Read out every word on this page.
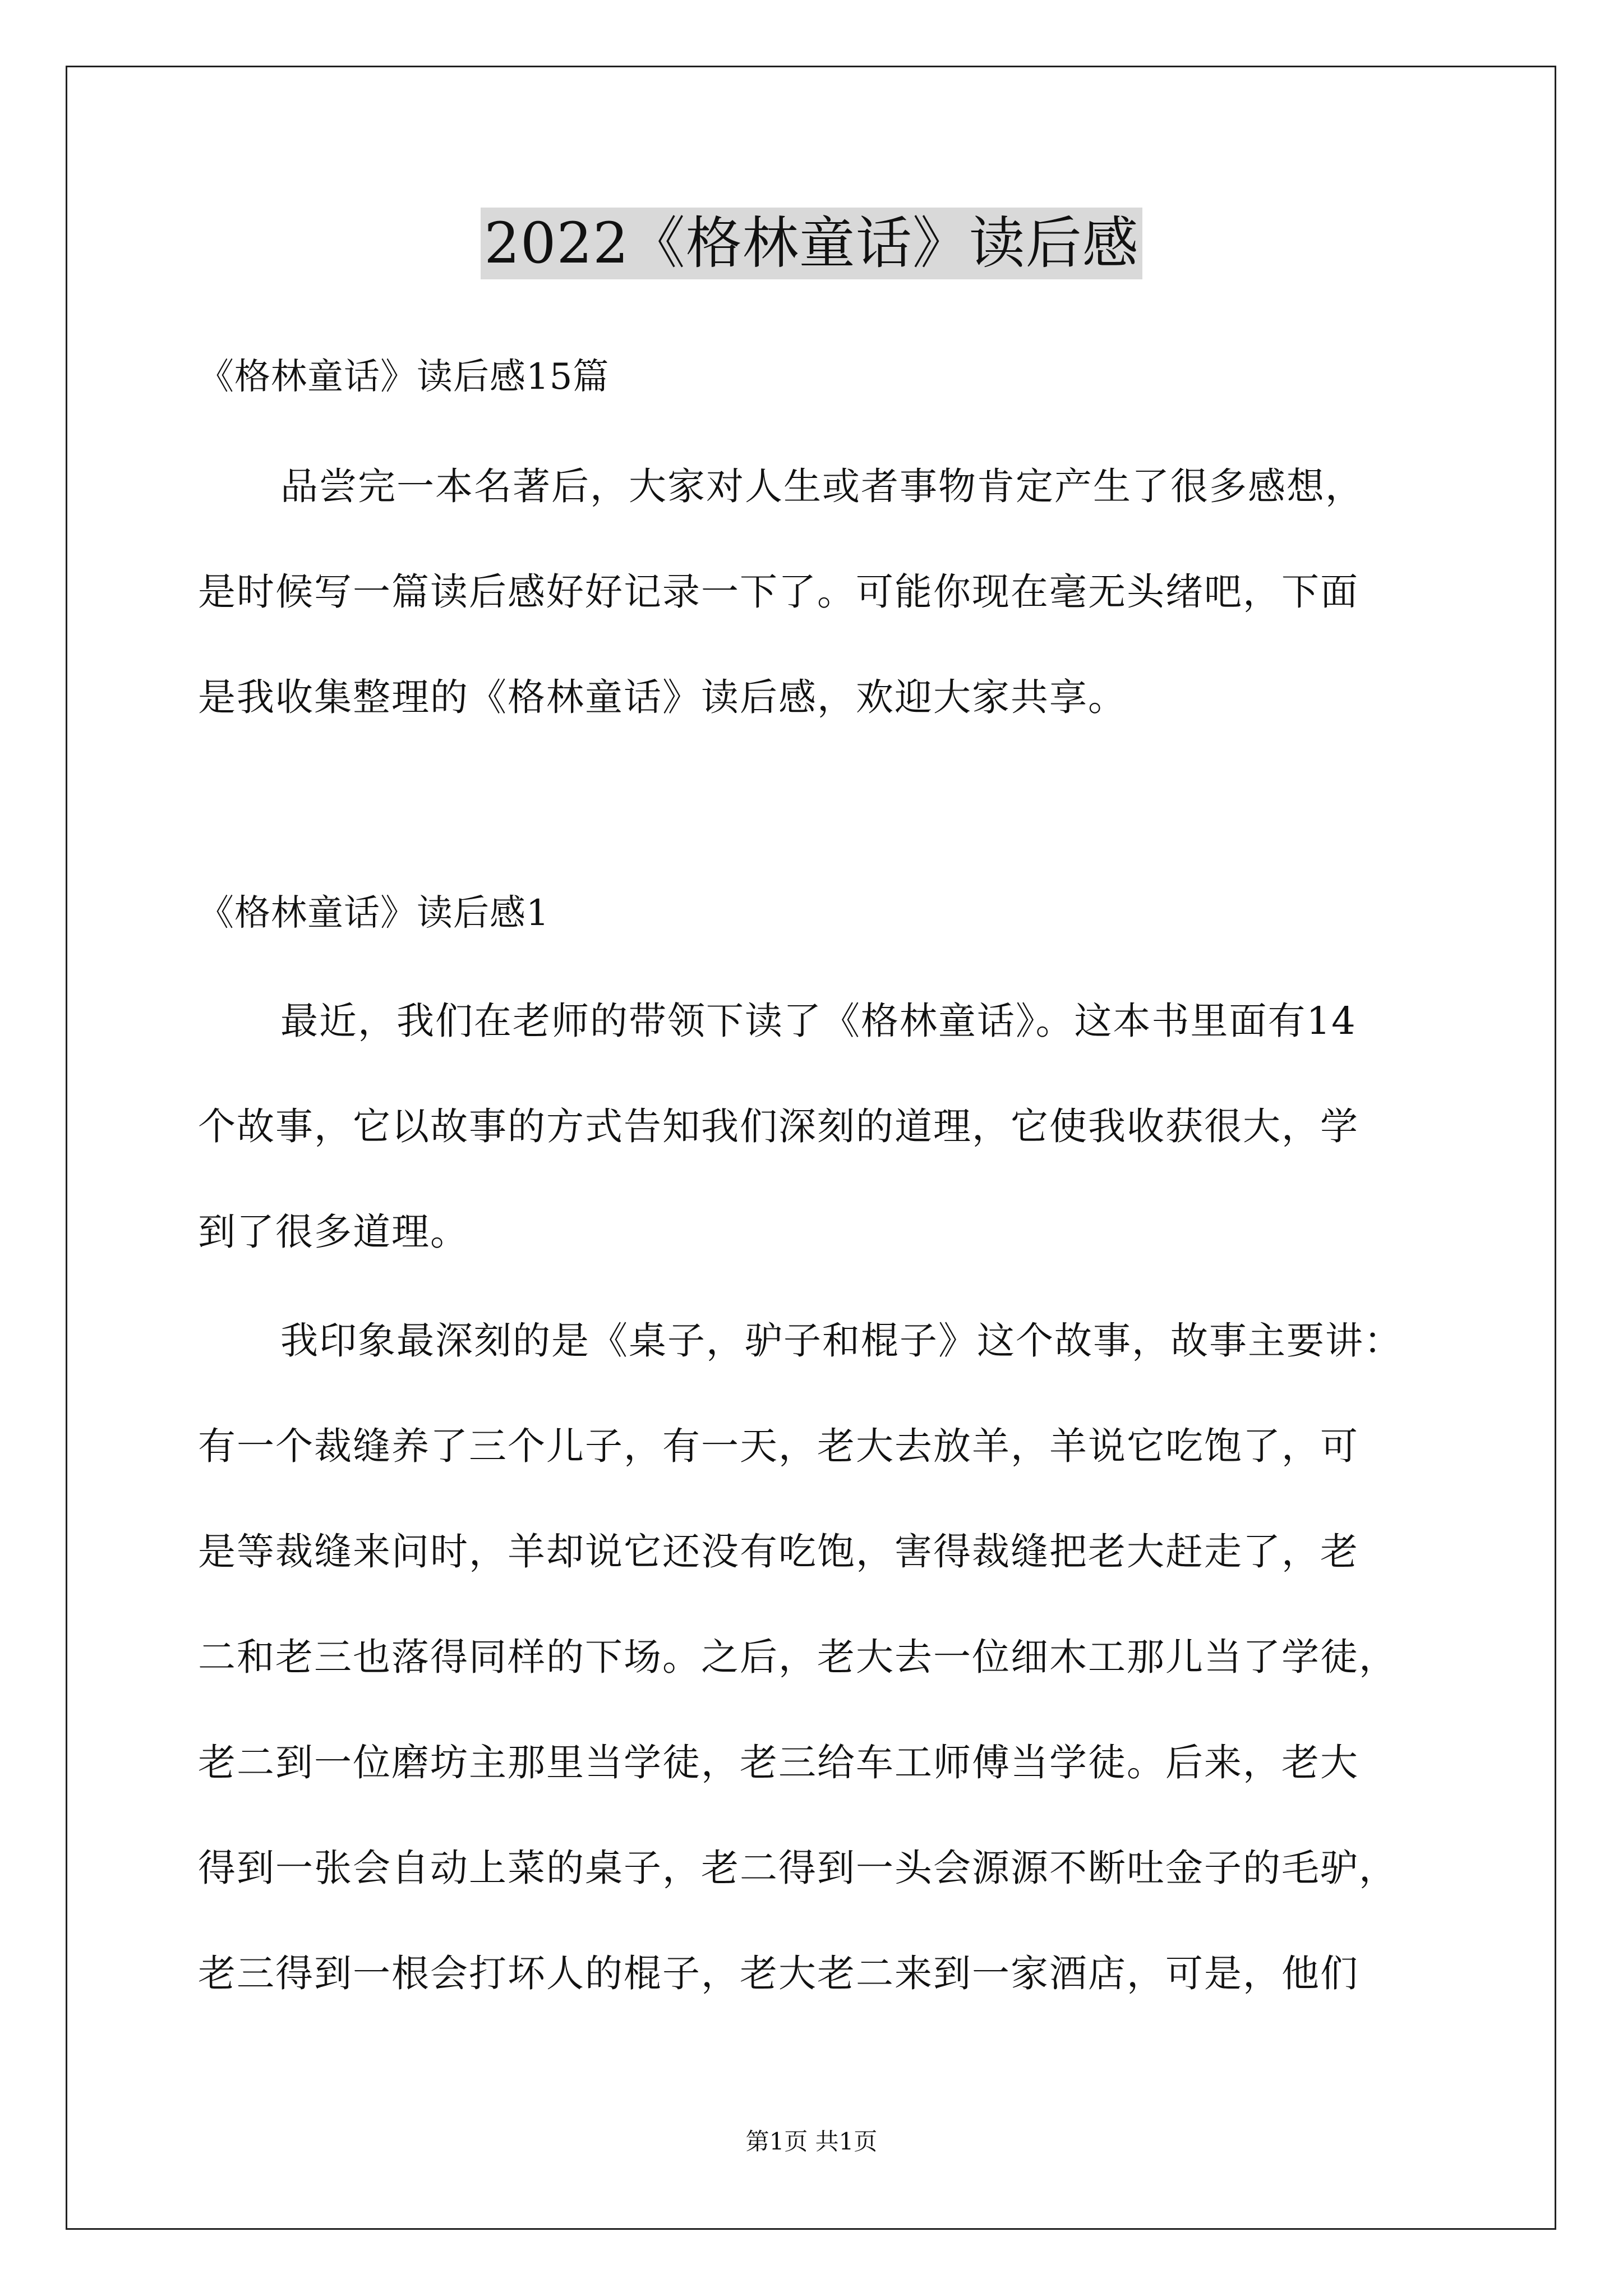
2022《格林童话》读后感
《格林童话》读后感15篇
品尝完一本名著后，大家对人生或者事物肯定产生了很多感想，
是时候写一篇读后感好好记录一下了。可能你现在毫无头绪吧，下面
是我收集整理的《格林童话》读后感，欢迎大家共享。
《格林童话》读后感1
最近，我们在老师的带领下读了《格林童话》。这本书里面有14
个故事，它以故事的方式告知我们深刻的道理，它使我收获很大，学
到了很多道理。
我印象最深刻的是《桌子，驴子和棍子》这个故事，故事主要讲：
有一个裁缝养了三个儿子，有一天，老大去放羊，羊说它吃饱了，可
是等裁缝来问时，羊却说它还没有吃饱，害得裁缝把老大赶走了，老
二和老三也落得同样的下场。之后，老大去一位细木工那儿当了学徒，
老二到一位磨坊主那里当学徒，老三给车工师傅当学徒。后来，老大
得到一张会自动上菜的桌子，老二得到一头会源源不断吐金子的毛驴，
老三得到一根会打坏人的棍子，老大老二来到一家酒店，可是，他们
第1页 共1页
